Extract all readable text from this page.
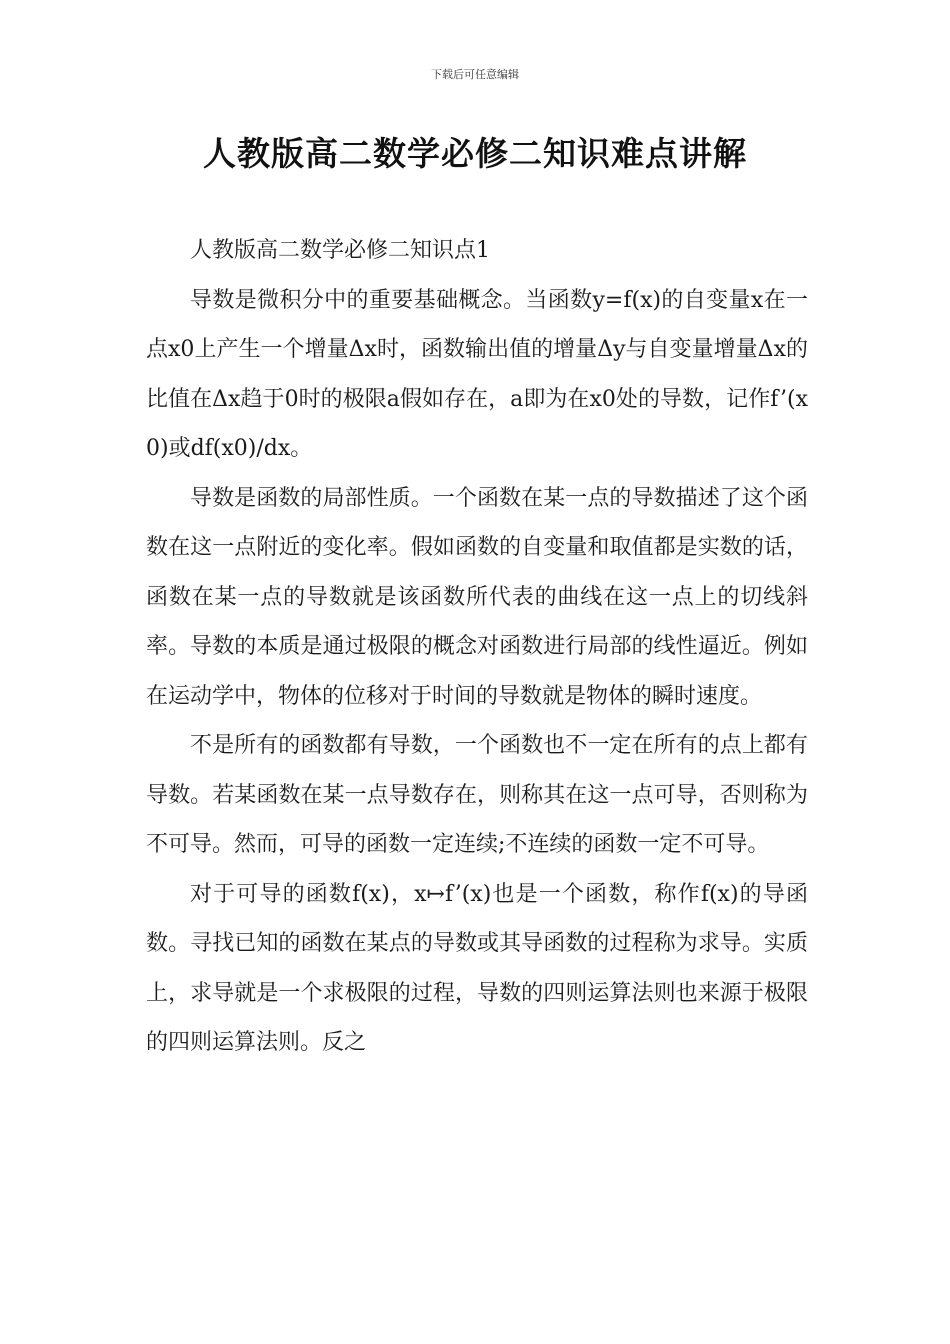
下载后可任意编辑
人教版高二数学必修二知识难点讲解

人教版高二数学必修二知识点1

导数是微积分中的重要基础概念。当函数y=f(x)的自变量x在一点x0上产生一个增量Δx时，函数输出值的增量Δy与自变量增量Δx的比值在Δx趋于0时的极限a假如存在，a即为在x0处的导数，记作f’(x0)或df(x0)/dx。

导数是函数的局部性质。一个函数在某一点的导数描述了这个函数在这一点附近的变化率。假如函数的自变量和取值都是实数的话，函数在某一点的导数就是该函数所代表的曲线在这一点上的切线斜率。导数的本质是通过极限的概念对函数进行局部的线性逼近。例如在运动学中，物体的位移对于时间的导数就是物体的瞬时速度。

不是所有的函数都有导数，一个函数也不一定在所有的点上都有导数。若某函数在某一点导数存在，则称其在这一点可导，否则称为不可导。然而，可导的函数一定连续;不连续的函数一定不可导。

对于可导的函数f(x)，x↦f’(x)也是一个函数，称作f(x)的导函数。寻找已知的函数在某点的导数或其导函数的过程称为求导。实质上，求导就是一个求极限的过程，导数的四则运算法则也来源于极限的四则运算法则。反之
